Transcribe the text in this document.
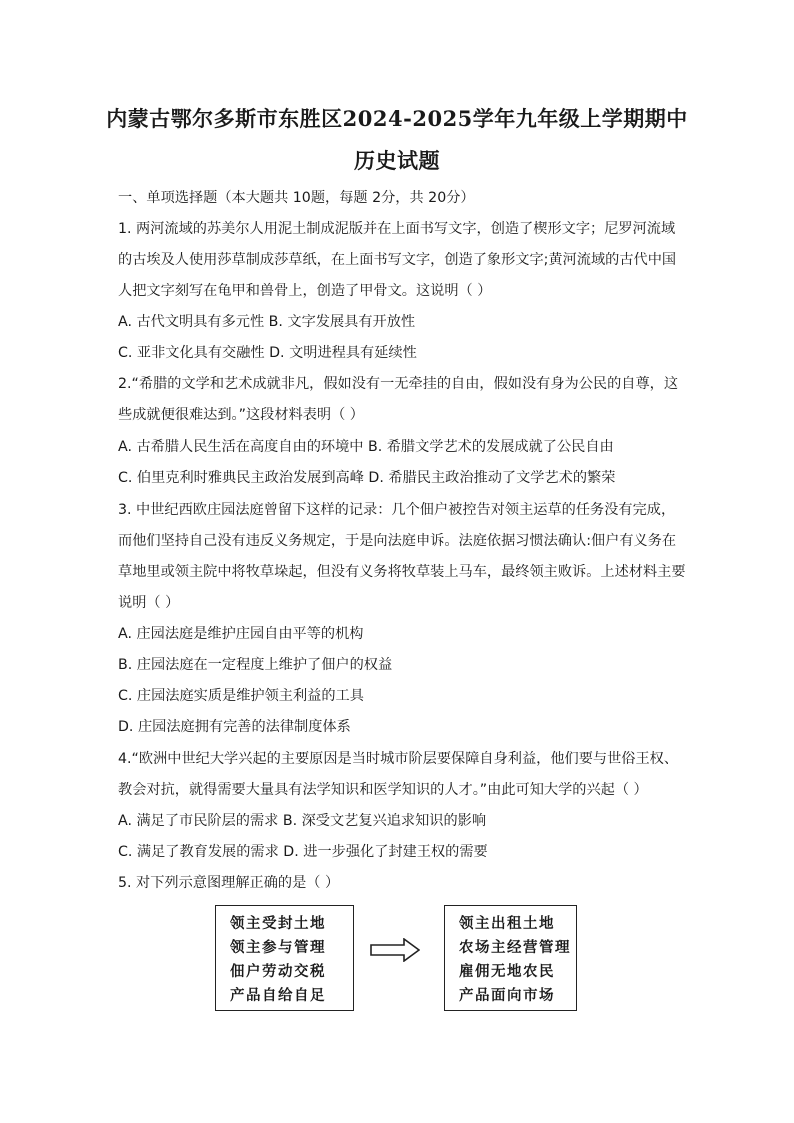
内蒙古鄂尔多斯市东胜区2024-2025学年九年级上学期期中
历史试题
一、单项选择题（本大题共 10题，每题 2分，共 20分）
1. 两河流域的苏美尔人用泥土制成泥版并在上面书写文字，创造了楔形文字；尼罗河流域
的古埃及人使用莎草制成莎草纸，在上面书写文字，创造了象形文字;黄河流域的古代中国
人把文字刻写在龟甲和兽骨上，创造了甲骨文。这说明（ ）
A. 古代文明具有多元性 B. 文字发展具有开放性
C. 亚非文化具有交融性 D. 文明进程具有延续性
2.“希腊的文学和艺术成就非凡，假如没有一无牵挂的自由，假如没有身为公民的自尊，这
些成就便很难达到。”这段材料表明（ ）
A. 古希腊人民生活在高度自由的环境中 B. 希腊文学艺术的发展成就了公民自由
C. 伯里克利时雅典民主政治发展到高峰 D. 希腊民主政治推动了文学艺术的繁荣
3. 中世纪西欧庄园法庭曾留下这样的记录：几个佃户被控告对领主运草的任务没有完成，
而他们坚持自己没有违反义务规定，于是向法庭申诉。法庭依据习惯法确认:佃户有义务在
草地里或领主院中将牧草垛起，但没有义务将牧草装上马车，最终领主败诉。上述材料主要
说明（ ）
A. 庄园法庭是维护庄园自由平等的机构
B. 庄园法庭在一定程度上维护了佃户的权益
C. 庄园法庭实质是维护领主利益的工具
D. 庄园法庭拥有完善的法律制度体系
4.“欧洲中世纪大学兴起的主要原因是当时城市阶层要保障自身利益，他们要与世俗王权、
教会对抗，就得需要大量具有法学知识和医学知识的人才。”由此可知大学的兴起（ ）
A. 满足了市民阶层的需求 B. 深受文艺复兴追求知识的影响
C. 满足了教育发展的需求 D. 进一步强化了封建王权的需要
5. 对下列示意图理解正确的是（ ）
领主受封土地
领主参与管理
佃户劳动交税
产品自给自足
领主出租土地
农场主经营管理
雇佣无地农民
产品面向市场
